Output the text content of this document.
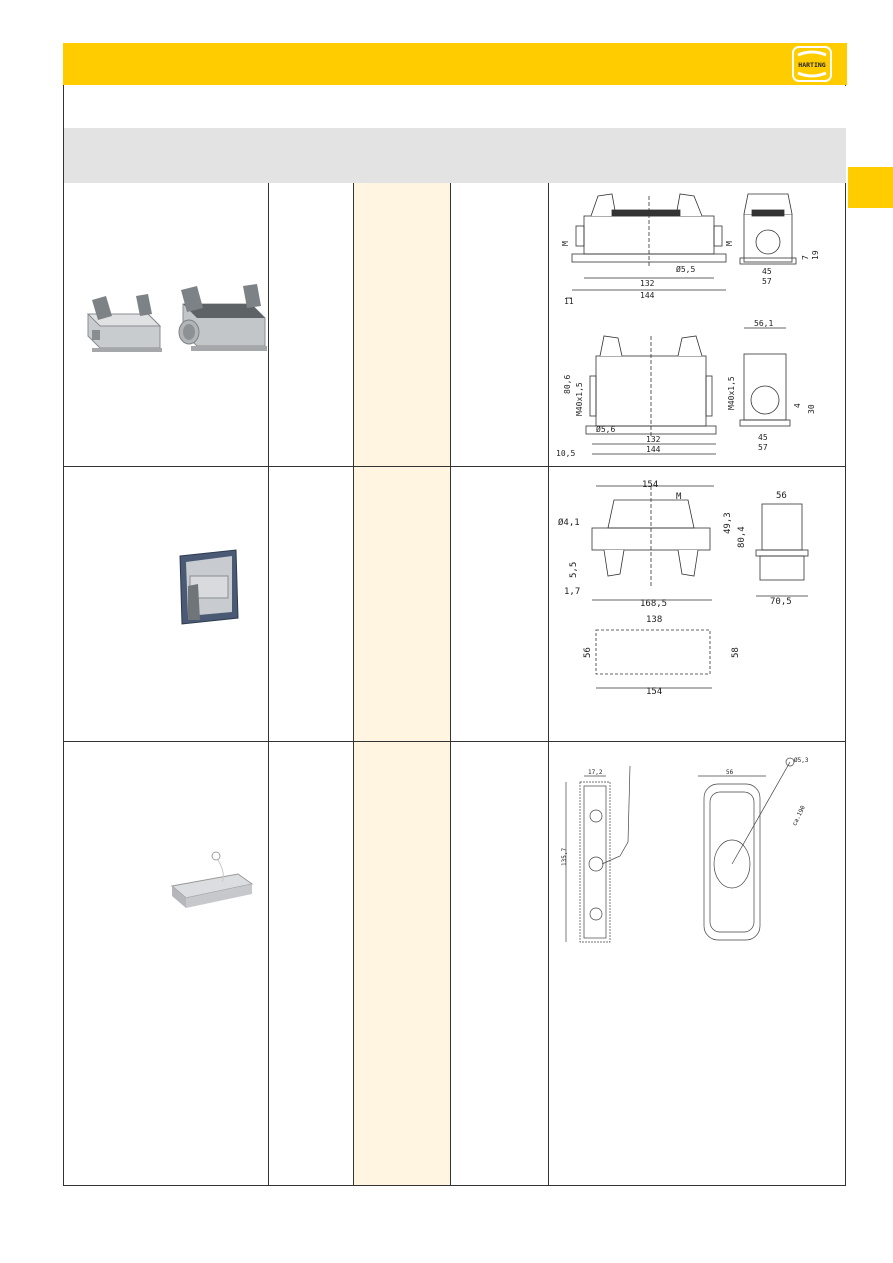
HARTING
M	M
132
Ø5,5
11
144
45
57
19
7
80,6 M40x1,5	M40x1,5
Ø5,6
132
10,5	144
56,1
45
57
30
4
154
M
Ø4,1	49,3
80,4
5,5
1,7
168,5
56
70,5
138
56	58
154
17,2
135,7
56
Ø5,3
ca.190
